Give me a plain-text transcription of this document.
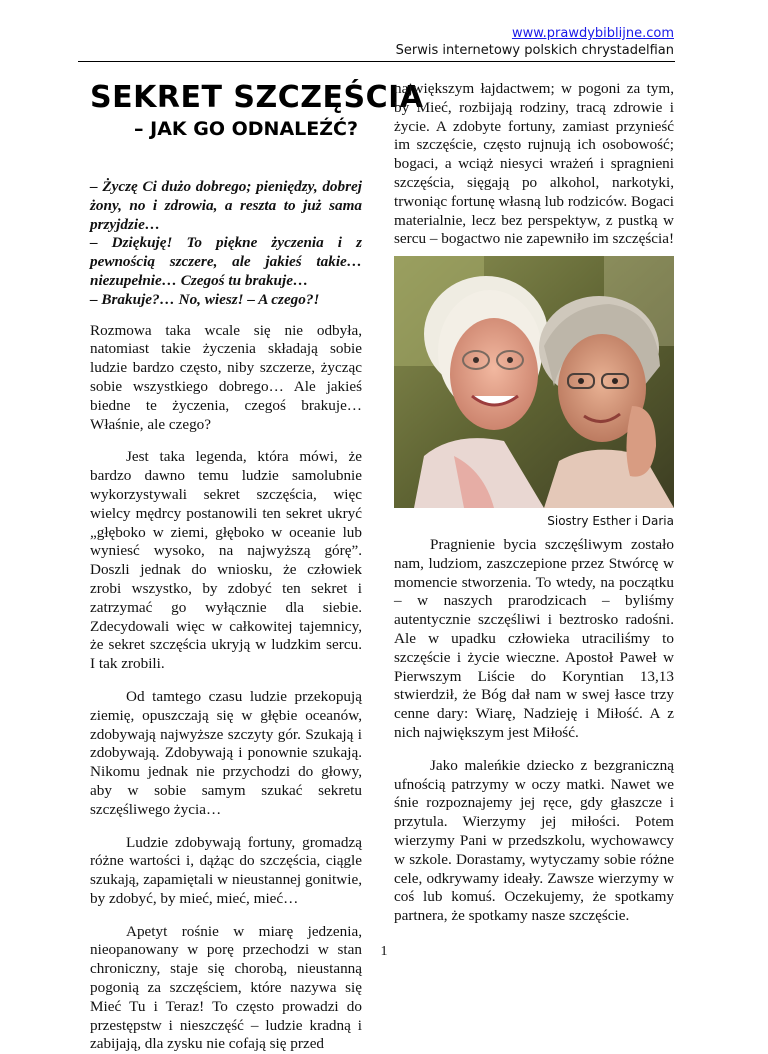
www.prawdybiblijne.com
Serwis internetowy polskich chrystadelfian
SEKRET SZCZĘŚCIA
– JAK GO ODNALEŹĆ?
– Życzę Ci dużo dobrego; pieniędzy, dobrej żony, no i zdrowia, a reszta to już sama przyjdzie…
– Dziękuję! To piękne życzenia i z pewnością szczere, ale jakieś takie… niezupełnie… Czegoś tu brakuje…
– Brakuje?… No, wiesz! – A czego?!

Rozmowa taka wcale się nie odbyła, natomiast takie życzenia składają sobie ludzie bardzo często, niby szczerze, życząc sobie wszystkiego dobrego… Ale jakieś biedne te życzenia, czegoś brakuje… Właśnie, ale czego?

Jest taka legenda, która mówi, że bardzo dawno temu ludzie samolubnie wykorzystywali sekret szczęścia, więc wielcy mędrcy postanowili ten sekret ukryć „głęboko w ziemi, głęboko w oceanie lub wyniesć wysoko, na najwyższą górę”. Doszli jednak do wniosku, że człowiek zrobi wszystko, by zdobyć ten sekret i zatrzymać go wyłącznie dla siebie. Zdecydowali więc w całkowitej tajemnicy, że sekret szczęścia ukryją w ludzkim sercu. I tak zrobili.

Od tamtego czasu ludzie przekopują ziemię, opuszczają się w głębie oceanów, zdobywają najwyższe szczyty gór. Szukają i zdobywają. Zdobywają i ponownie szukają. Nikomu jednak nie przychodzi do głowy, aby w sobie samym szukać sekretu szczęśliwego życia…

Ludzie zdobywają fortuny, gromadzą różne wartości i, dążąc do szczęścia, ciągle szukają, zapamiętali w nieustannej gonitwie, by zdobyć, by mieć, mieć, mieć…

Apetyt rośnie w miarę jedzenia, nieopanowany w porę przechodzi w stan chroniczny, staje się chorobą, nieustanną pogonią za szczęściem, które nazywa się Mieć Tu i Teraz! To często prowadzi do przestępstw i nieszczęść – ludzie kradną i zabijają, dla zysku nie cofają się przed

największym łajdactwem; w pogoni za tym, by Mieć, rozbijają rodziny, tracą zdrowie i życie. A zdobyte fortuny, zamiast przynieść im szczęście, często rujnują ich osobowość; bogaci, a wciąż niesyci wrażeń i spragnieni szczęścia, sięgają po alkohol, narkotyki, trwoniąc fortunę własną lub rodziców. Bogaci materialnie, lecz bez perspektyw, z pustką w sercu – bogactwo nie zapewniło im szczęścia!

Siostry Esther i Daria

Pragnienie bycia szczęśliwym zostało nam, ludziom, zaszczepione przez Stwórcę w momencie stworzenia. To wtedy, na początku – w naszych prarodzicach – byliśmy autentycznie szczęśliwi i beztrosko radośni. Ale w upadku człowieka utraciliśmy to szczęście i życie wieczne. Apostoł Paweł w Pierwszym Liście do Koryntian 13,13 stwierdził, że Bóg dał nam w swej łasce trzy cenne dary: Wiarę, Nadzieję i Miłość. A z nich największym jest Miłość.

Jako maleńkie dziecko z bezgraniczną ufnością patrzymy w oczy matki. Nawet we śnie rozpoznajemy jej ręce, gdy głaszcze i przytula. Wierzymy jej miłości. Potem wierzymy Pani w przedszkolu, wychowawcy w szkole. Dorastamy, wytyczamy sobie różne cele, odkrywamy ideały. Zawsze wierzymy w coś lub komuś. Oczekujemy, że spotkamy partnera, że spotkamy nasze szczęście.

1
